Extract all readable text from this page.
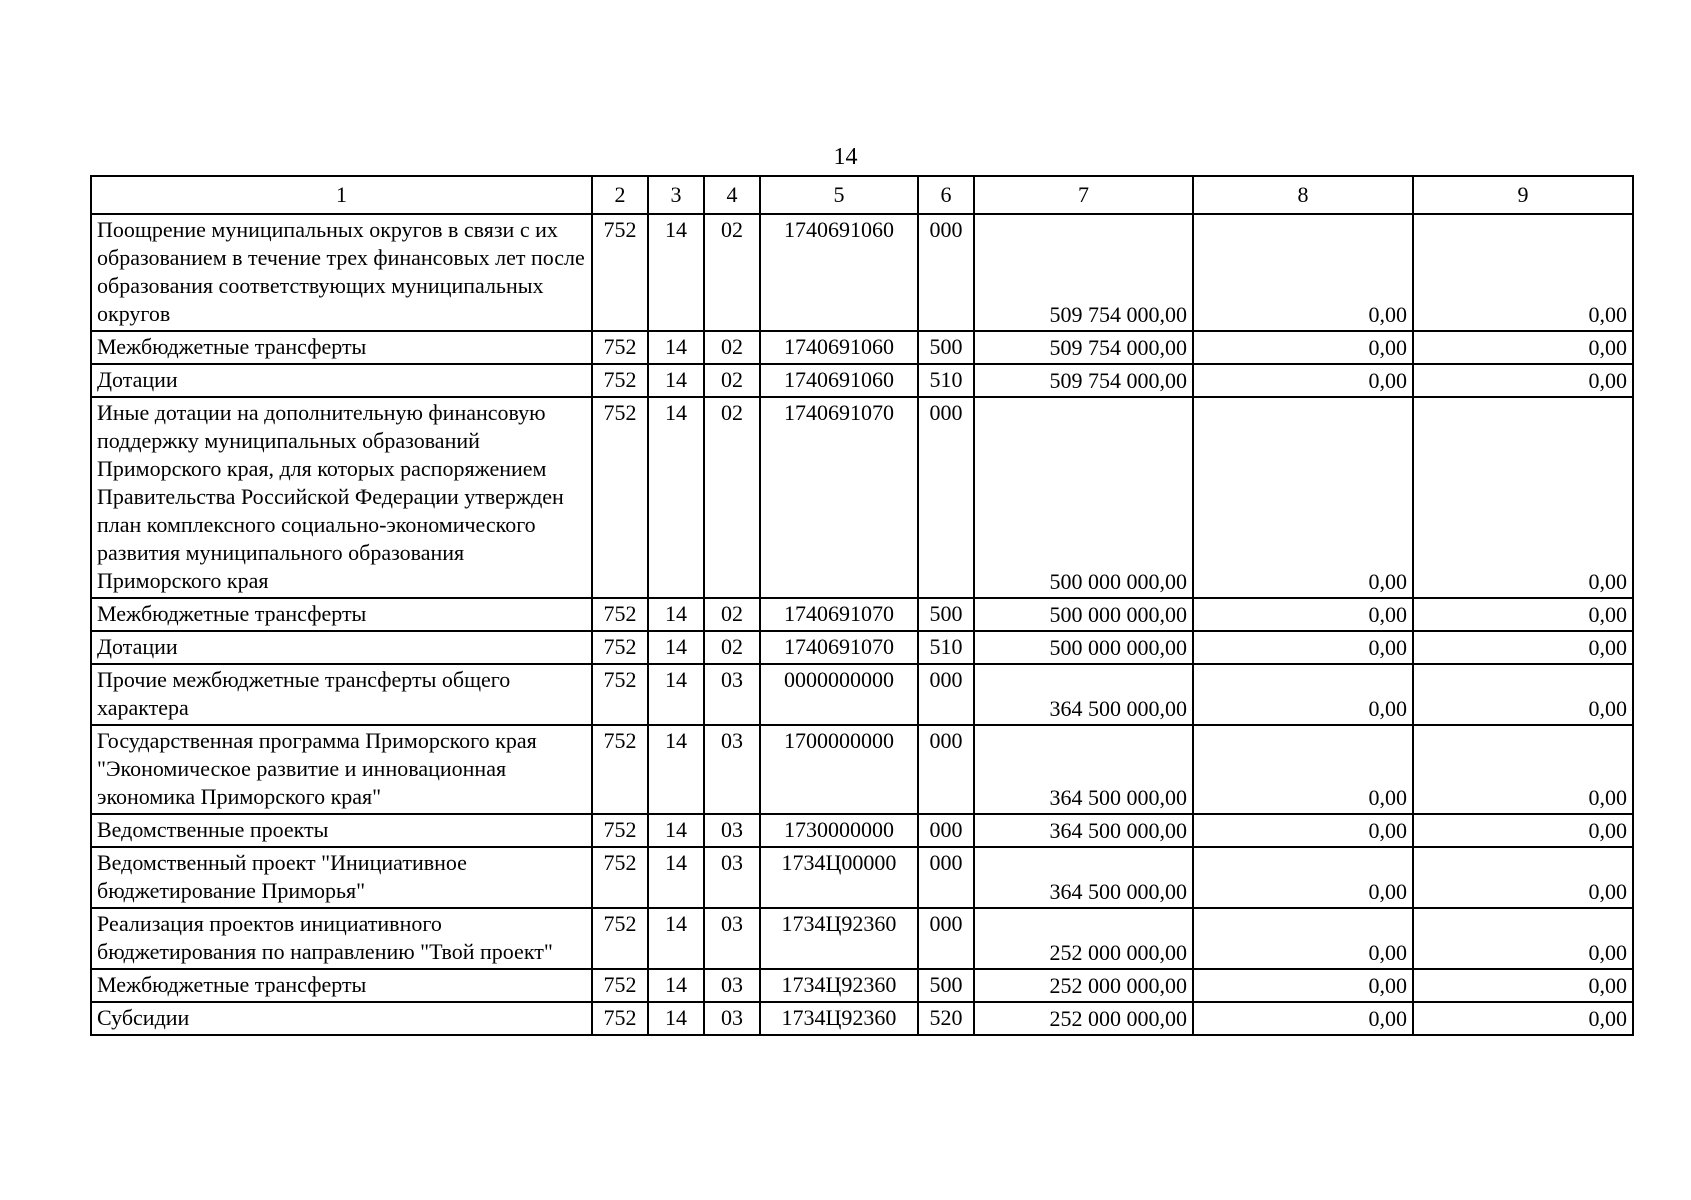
14
1	2	3	4	5	6	7	8	9
Поощрение муниципальных округов в связи с их образованием в течение трех финансовых лет после образования соответствующих муниципальных округов	752	14	02	1740691060	000	509 754 000,00	0,00	0,00
Межбюджетные трансферты	752	14	02	1740691060	500	509 754 000,00	0,00	0,00
Дотации	752	14	02	1740691060	510	509 754 000,00	0,00	0,00
Иные дотации на дополнительную финансовую поддержку муниципальных образований Приморского края, для которых распоряжением Правительства Российской Федерации утвержден план комплексного социально-экономического развития муниципального образования Приморского края	752	14	02	1740691070	000	500 000 000,00	0,00	0,00
Межбюджетные трансферты	752	14	02	1740691070	500	500 000 000,00	0,00	0,00
Дотации	752	14	02	1740691070	510	500 000 000,00	0,00	0,00
Прочие межбюджетные трансферты общего характера	752	14	03	0000000000	000	364 500 000,00	0,00	0,00
Государственная программа Приморского края "Экономическое развитие и инновационная экономика Приморского края"	752	14	03	1700000000	000	364 500 000,00	0,00	0,00
Ведомственные проекты	752	14	03	1730000000	000	364 500 000,00	0,00	0,00
Ведомственный проект "Инициативное бюджетирование Приморья"	752	14	03	1734Ц00000	000	364 500 000,00	0,00	0,00
Реализация проектов инициативного бюджетирования по направлению "Твой проект"	752	14	03	1734Ц92360	000	252 000 000,00	0,00	0,00
Межбюджетные трансферты	752	14	03	1734Ц92360	500	252 000 000,00	0,00	0,00
Субсидии	752	14	03	1734Ц92360	520	252 000 000,00	0,00	0,00
